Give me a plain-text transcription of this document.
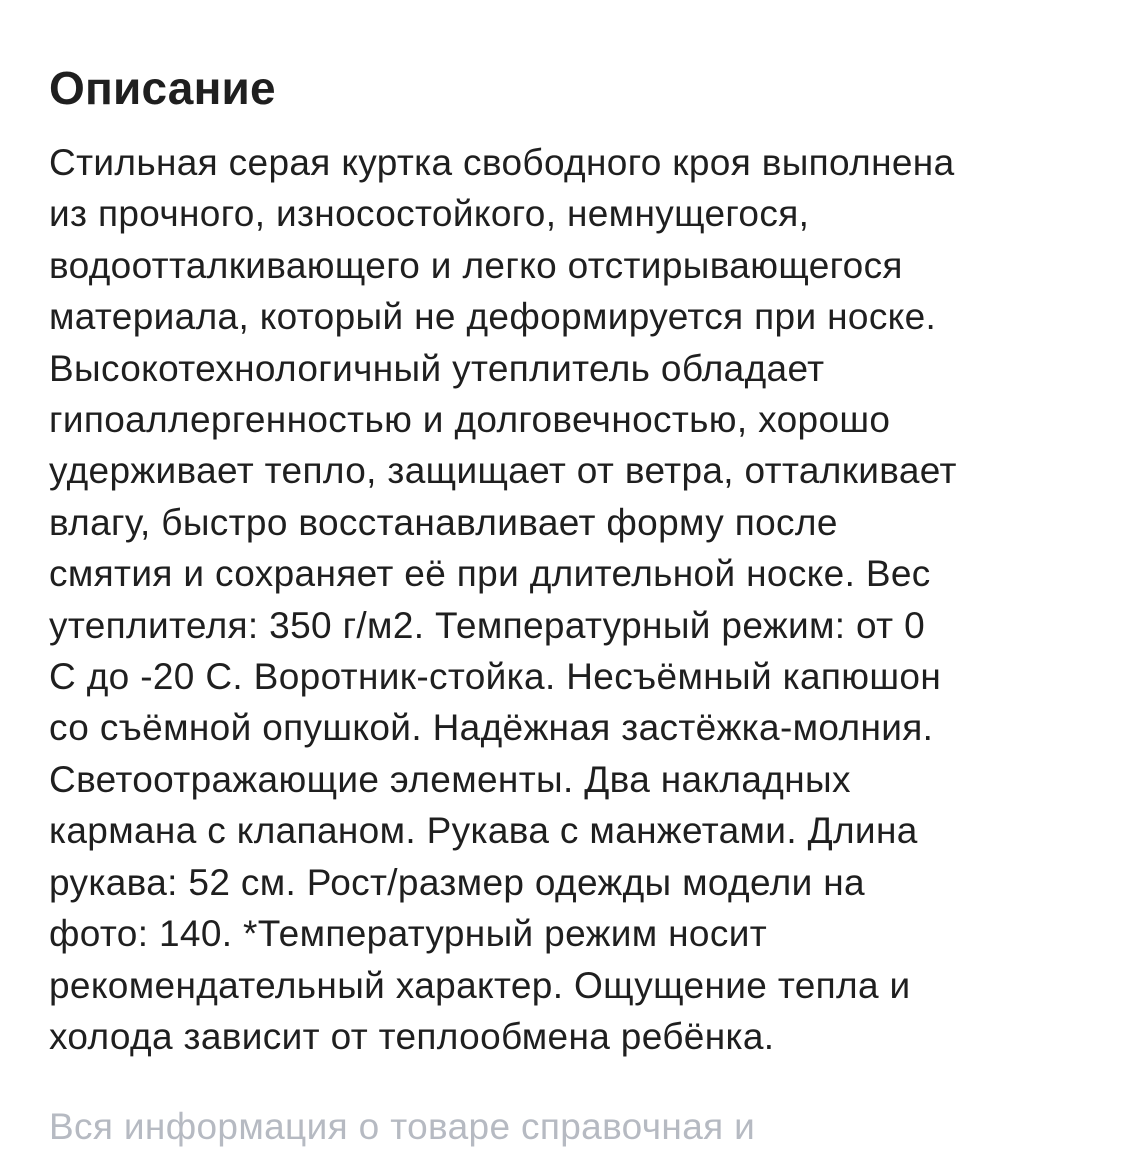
Описание
Стильная серая куртка свободного кроя выполнена
из прочного, износостойкого, немнущегося,
водоотталкивающего и легко отстирывающегося
материала, который не деформируется при носке.
Высокотехнологичный утеплитель обладает
гипоаллергенностью и долговечностью, хорошо
удерживает тепло, защищает от ветра, отталкивает
влагу, быстро восстанавливает форму после
смятия и сохраняет её при длительной носке. Вес
утеплителя: 350 г/м2. Температурный режим: от 0
С до -20 С. Воротник-стойка. Несъёмный капюшон
со съёмной опушкой. Надёжная застёжка-молния.
Светоотражающие элементы. Два накладных
кармана с клапаном. Рукава с манжетами. Длина
рукава: 52 см. Рост/размер одежды модели на
фото: 140. *Температурный режим носит
рекомендательный характер. Ощущение тепла и
холода зависит от теплообмена ребёнка.

Вся информация о товаре справочная и
